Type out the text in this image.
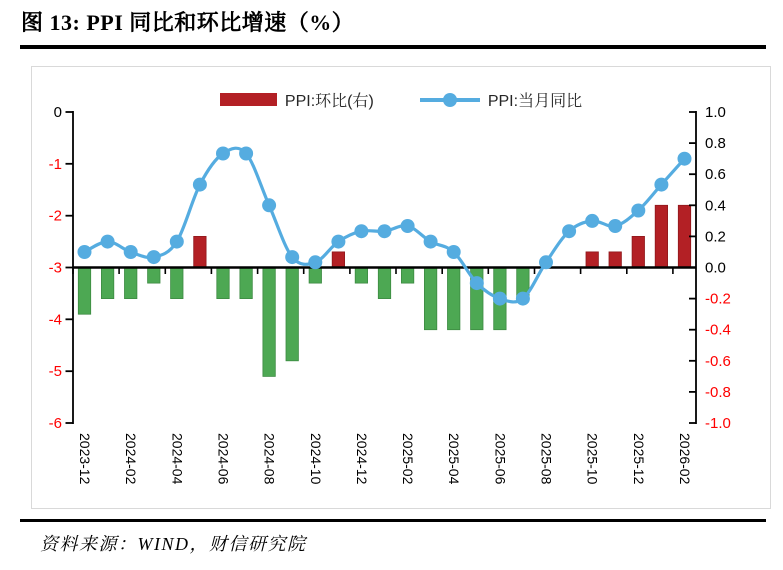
图 13: PPI 同比和环比增速（%）
0
-1
-2
-3
-4
-5
-6
1.0
0.8
0.6
0.4
0.2
0.0
-0.2
-0.4
-0.6
-0.8
-1.0
2023-12 2024-02 2024-04 2024-06 2024-08 2024-10 2024-12 2025-02 2025-04 2025-06 2025-08 2025-10 2025-12 2026-02
PPI:环比(右)	PPI:当月同比
资料来源：WIND，财信研究院
